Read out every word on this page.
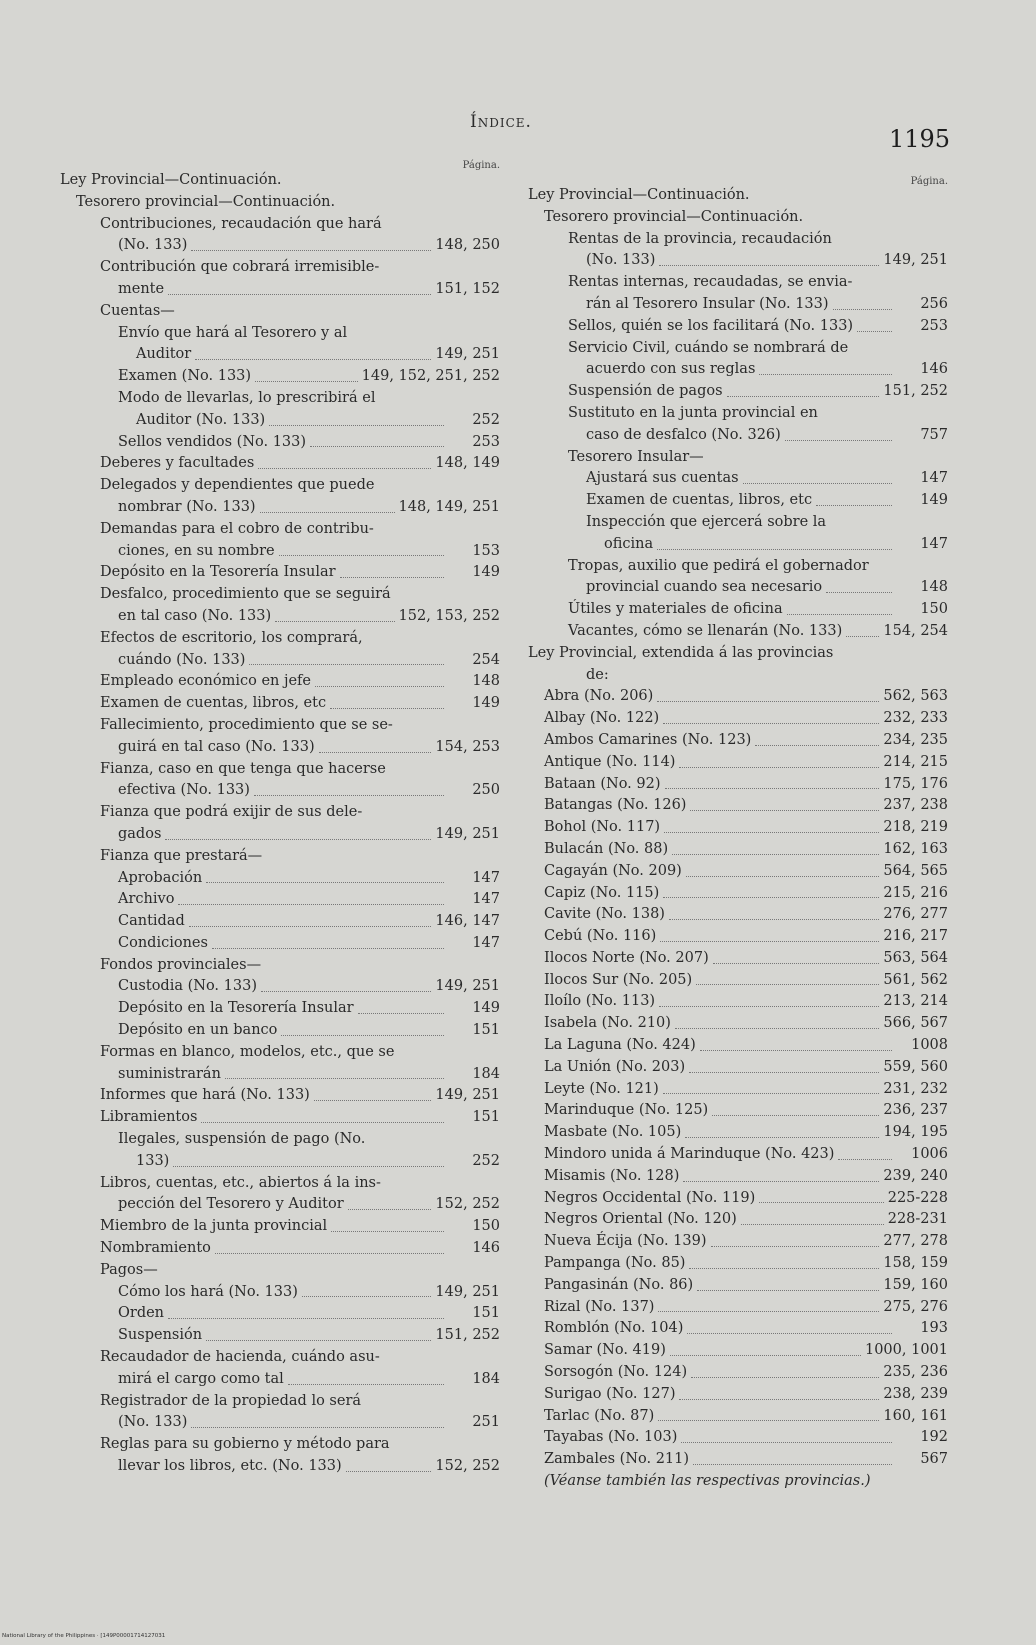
Índice.
1195
Página.
Ley Provincial—Continuación.
Tesorero provincial—Continuación.
Contribuciones, recaudación que hará
(No. 133)	148, 250
Contribución que cobrará irremisible-
mente	151, 152
Cuentas—
Envío que hará al Tesorero y al
Auditor	149, 251
Examen (No. 133)	149, 152, 251, 252
Modo de llevarlas, lo prescribirá el
Auditor (No. 133)	252
Sellos vendidos (No. 133)	253
Deberes y facultades	148, 149
Delegados y dependientes que puede
nombrar (No. 133)	148, 149, 251
Demandas para el cobro de contribu-
ciones, en su nombre	153
Depósito en la Tesorería Insular	149
Desfalco, procedimiento que se seguirá
en tal caso (No. 133)	152, 153, 252
Efectos de escritorio, los comprará,
cuándo (No. 133)	254
Empleado económico en jefe	148
Examen de cuentas, libros, etc	149
Fallecimiento, procedimiento que se se-
guirá en tal caso (No. 133)	154, 253
Fianza, caso en que tenga que hacerse
efectiva (No. 133)	250
Fianza que podrá exijir de sus dele-
gados	149, 251
Fianza que prestará—
Aprobación	147
Archivo	147
Cantidad	146, 147
Condiciones	147
Fondos provinciales—
Custodia (No. 133)	149, 251
Depósito en la Tesorería Insular	149
Depósito en un banco	151
Formas en blanco, modelos, etc., que se
suministrarán	184
Informes que hará (No. 133)	149, 251
Libramientos	151
Ilegales, suspensión de pago (No.
133)	252
Libros, cuentas, etc., abiertos á la ins-
pección del Tesorero y Auditor	152, 252
Miembro de la junta provincial	150
Nombramiento	146
Pagos—
Cómo los hará (No. 133)	149, 251
Orden	151
Suspensión	151, 252
Recaudador de hacienda, cuándo asu-
mirá el cargo como tal	184
Registrador de la propiedad lo será
(No. 133)	251
Reglas para su gobierno y método para
llevar los libros, etc. (No. 133)	152, 252
Página.
Ley Provincial—Continuación.
Tesorero provincial—Continuación.
Rentas de la provincia, recaudación
(No. 133)	149, 251
Rentas internas, recaudadas, se envia-
rán al Tesorero Insular (No. 133)	256
Sellos, quién se los facilitará (No. 133)	253
Servicio Civil, cuándo se nombrará de
acuerdo con sus reglas	146
Suspensión de pagos	151, 252
Sustituto en la junta provincial en
caso de desfalco (No. 326)	757
Tesorero Insular—
Ajustará sus cuentas	147
Examen de cuentas, libros, etc	149
Inspección que ejercerá sobre la
oficina	147
Tropas, auxilio que pedirá el gobernador
provincial cuando sea necesario	148
Útiles y materiales de oficina	150
Vacantes, cómo se llenarán (No. 133)	154, 254
Ley Provincial, extendida á las provincias
de:
Abra (No. 206)	562, 563
Albay (No. 122)	232, 233
Ambos Camarines (No. 123)	234, 235
Antique (No. 114)	214, 215
Bataan (No. 92)	175, 176
Batangas (No. 126)	237, 238
Bohol (No. 117)	218, 219
Bulacán (No. 88)	162, 163
Cagayán (No. 209)	564, 565
Capiz (No. 115)	215, 216
Cavite (No. 138)	276, 277
Cebú (No. 116)	216, 217
Ilocos Norte (No. 207)	563, 564
Ilocos Sur (No. 205)	561, 562
Iloílo (No. 113)	213, 214
Isabela (No. 210)	566, 567
La Laguna (No. 424)	1008
La Unión (No. 203)	559, 560
Leyte (No. 121)	231, 232
Marinduque (No. 125)	236, 237
Masbate (No. 105)	194, 195
Mindoro unida á Marinduque (No. 423)	1006
Misamis (No. 128)	239, 240
Negros Occidental (No. 119)	225-228
Negros Oriental (No. 120)	228-231
Nueva Écija (No. 139)	277, 278
Pampanga (No. 85)	158, 159
Pangasinán (No. 86)	159, 160
Rizal (No. 137)	275, 276
Romblón (No. 104)	193
Samar (No. 419)	1000, 1001
Sorsogón (No. 124)	235, 236
Surigao (No. 127)	238, 239
Tarlac (No. 87)	160, 161
Tayabas (No. 103)	192
Zambales (No. 211)	567
(Véanse también las respectivas provincias.)
National Library of the Philippines · [149P00001714127031
